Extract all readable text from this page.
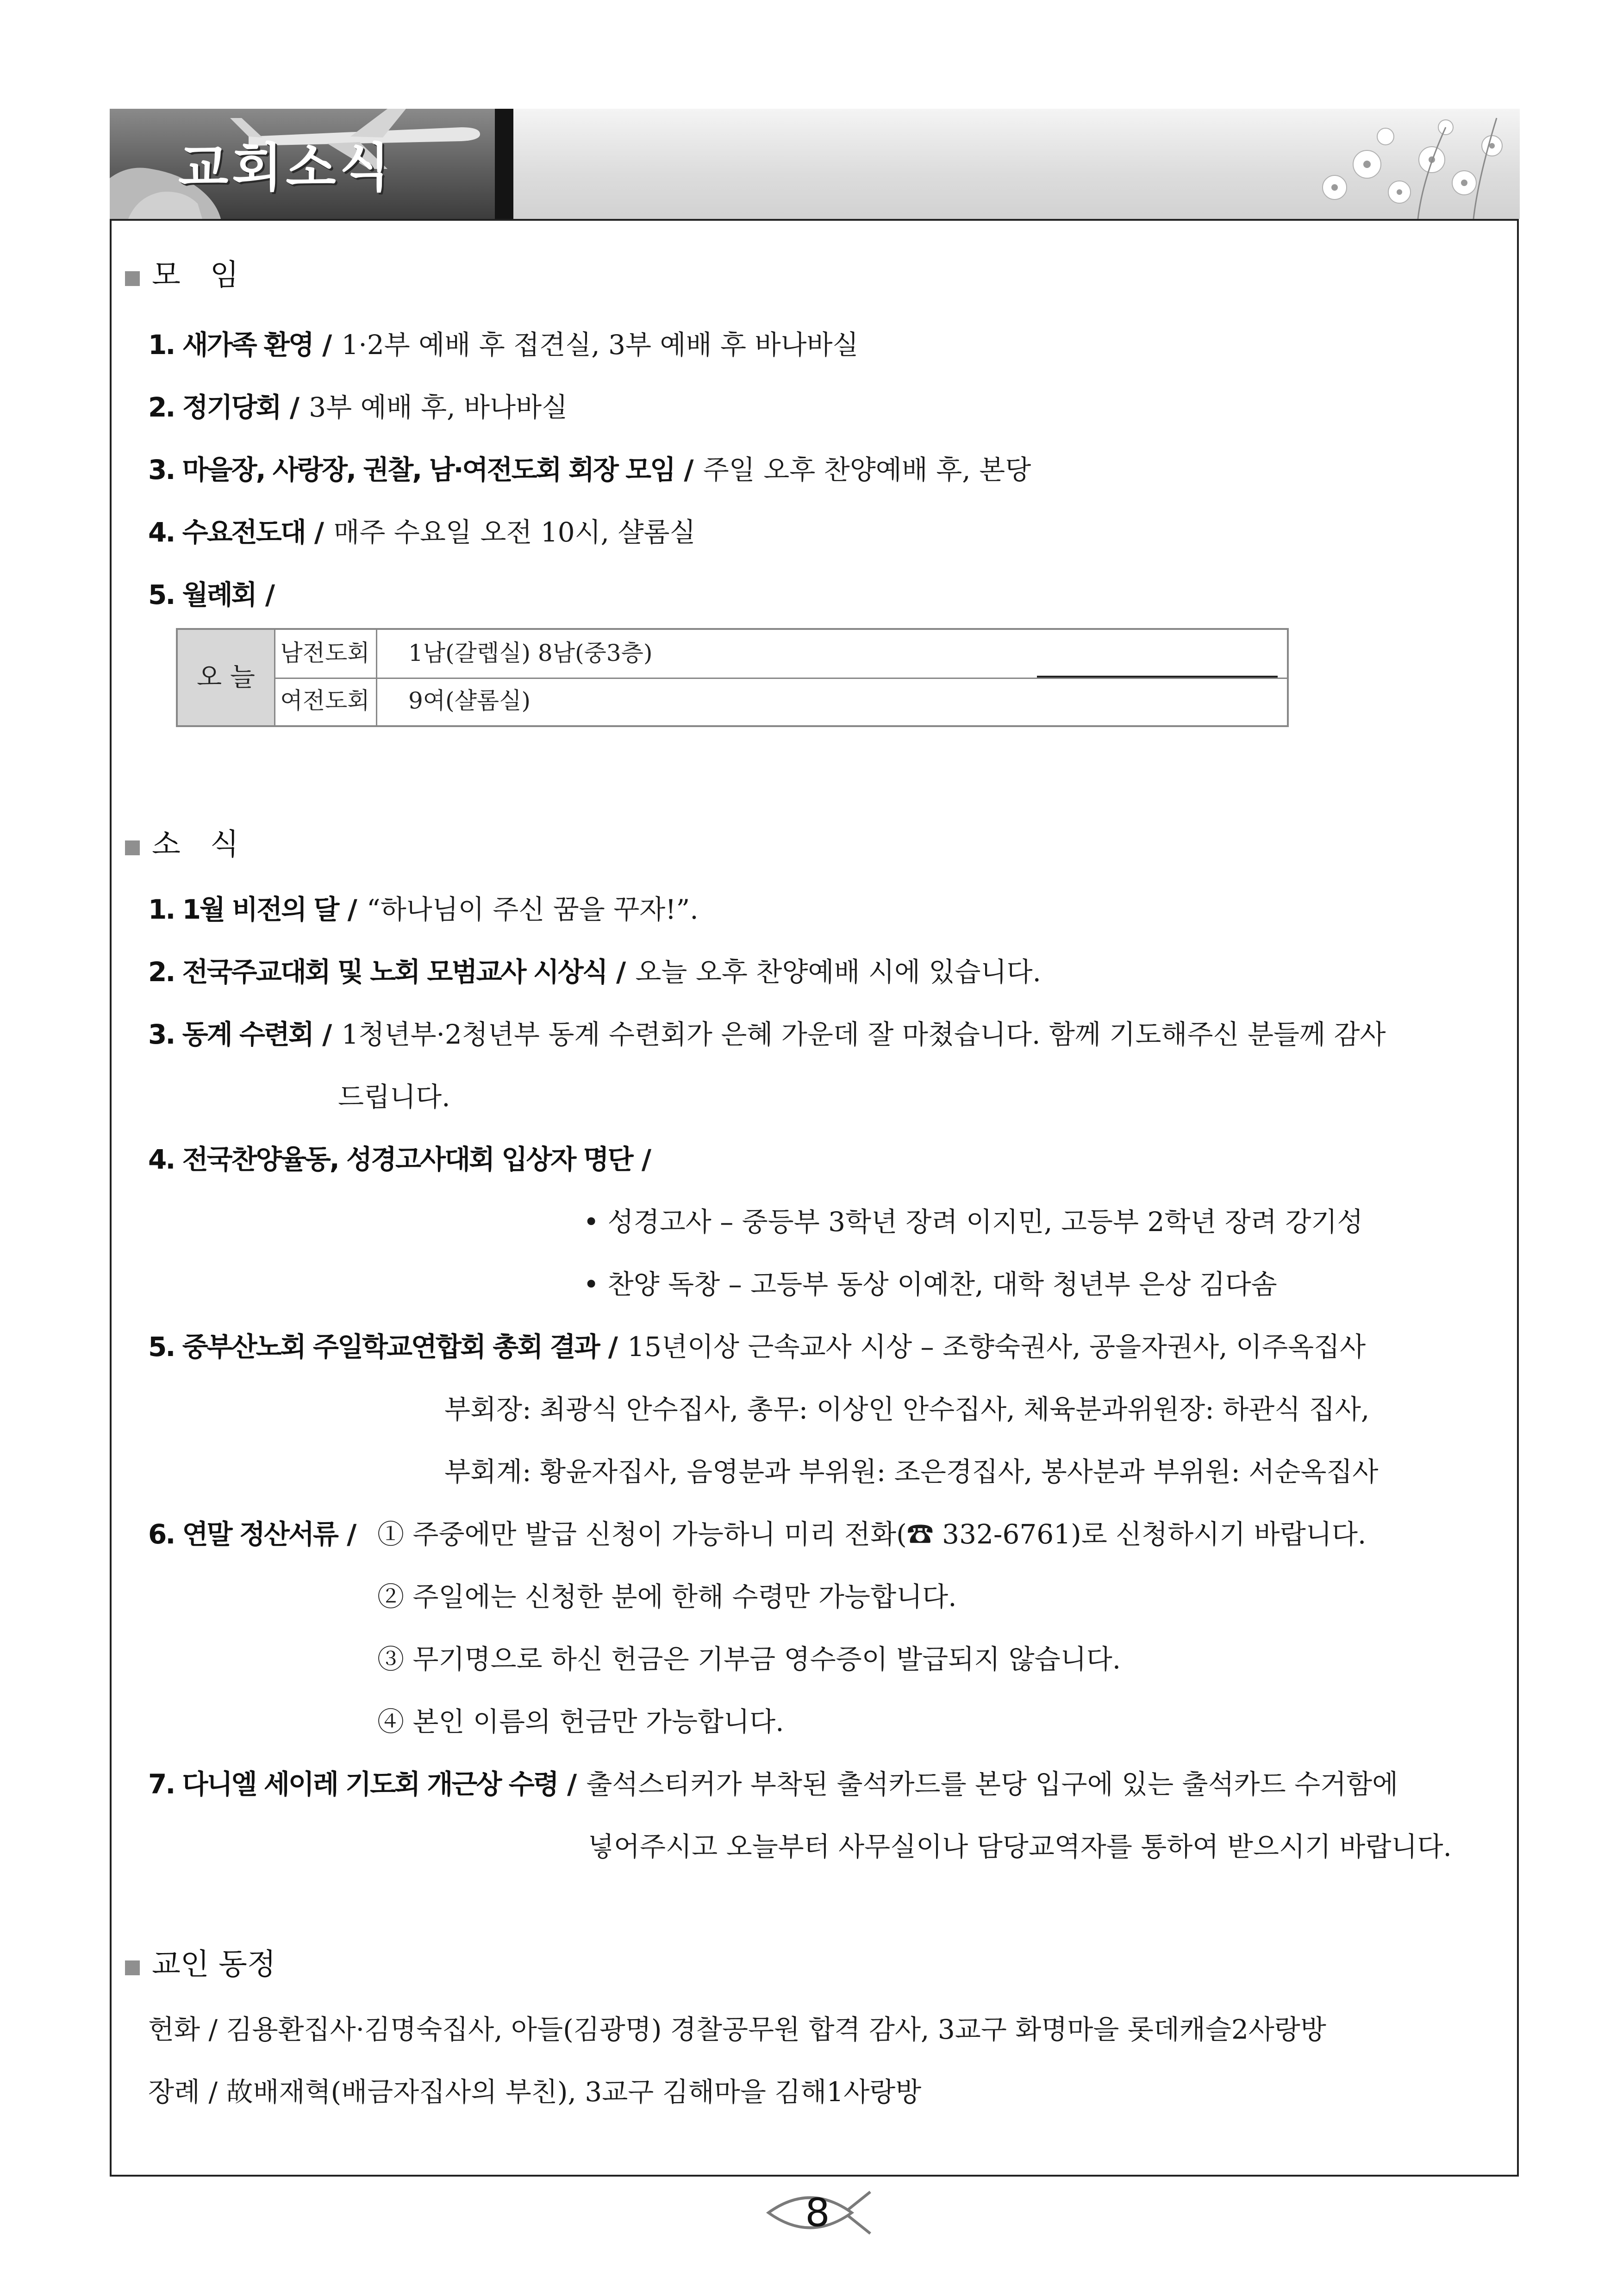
교회소식
모　임
1. 새가족 환영 / 1·2부 예배 후 접견실, 3부 예배 후 바나바실
2. 정기당회 / 3부 예배 후, 바나바실
3. 마을장, 사랑장, 권찰, 남·여전도회 회장 모임 / 주일 오후 찬양예배 후, 본당
4. 수요전도대 / 매주 수요일 오전 10시, 샬롬실
5. 월례회 /
오 늘
남전도회	1남(갈렙실) 8남(중3층)
여전도회	9여(샬롬실)
소　식
1. 1월 비전의 달 / “하나님이 주신 꿈을 꾸자!”.
2. 전국주교대회 및 노회 모범교사 시상식 / 오늘 오후 찬양예배 시에 있습니다.
3. 동계 수련회 / 1청년부·2청년부 동계 수련회가 은혜 가운데 잘 마쳤습니다. 함께 기도해주신 분들께 감사
드립니다.
4. 전국찬양율동, 성경고사대회 입상자 명단 /
• 성경고사 – 중등부 3학년 장려 이지민, 고등부 2학년 장려 강기성
• 찬양 독창 – 고등부 동상 이예찬, 대학 청년부 은상 김다솜
5. 중부산노회 주일학교연합회 총회 결과 / 15년이상 근속교사 시상 – 조향숙권사, 공을자권사, 이주옥집사
부회장: 최광식 안수집사, 총무: 이상인 안수집사, 체육분과위원장: 하관식 집사,
부회계: 황윤자집사, 음영분과 부위원: 조은경집사, 봉사분과 부위원: 서순옥집사
6. 연말 정산서류 / ① 주중에만 발급 신청이 가능하니 미리 전화(☎ 332-6761)로 신청하시기 바랍니다.
② 주일에는 신청한 분에 한해 수령만 가능합니다.
③ 무기명으로 하신 헌금은 기부금 영수증이 발급되지 않습니다.
④ 본인 이름의 헌금만 가능합니다.
7. 다니엘 세이레 기도회 개근상 수령 / 출석스티커가 부착된 출석카드를 본당 입구에 있는 출석카드 수거함에
넣어주시고 오늘부터 사무실이나 담당교역자를 통하여 받으시기 바랍니다.
교인 동정
헌화 / 김용환집사·김명숙집사, 아들(김광명) 경찰공무원 합격 감사, 3교구 화명마을 롯데캐슬2사랑방
장례 / 故배재혁(배금자집사의 부친), 3교구 김해마을 김해1사랑방
8
